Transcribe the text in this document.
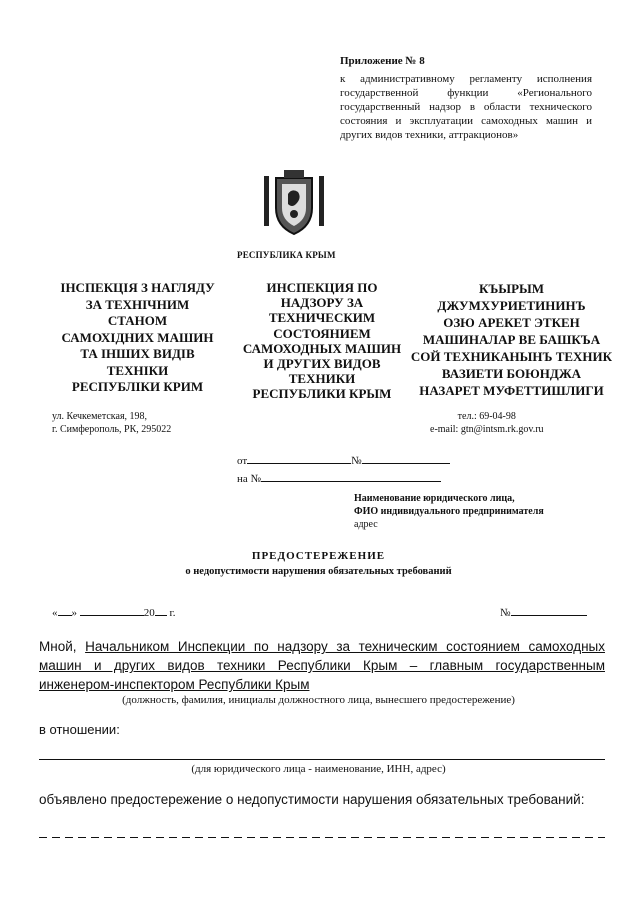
Приложение № 8
к административному регламенту исполнения государственной функции «Регионального государственный надзор в области технического состояния и эксплуатации самоходных машин и других видов техники, аттракционов»
РЕСПУБЛИКА КРЫМ
ІНСПЕКЦІЯ З НАГЛЯДУ
ЗА ТЕХНІЧНИМ
СТАНОМ
САМОХІДНИХ МАШИН
ТА ІНШИХ ВИДІВ
ТЕХНІКИ
РЕСПУБЛІКИ КРИМ
ИНСПЕКЦИЯ ПО
НАДЗОРУ ЗА
ТЕХНИЧЕСКИМ
СОСТОЯНИЕМ
САМОХОДНЫХ МАШИН
И ДРУГИХ ВИДОВ
ТЕХНИКИ
РЕСПУБЛИКИ КРЫМ
КЪЫРЫМ
ДЖУМХУРИЕТИНИНЪ
ОЗЮ АРЕКЕТ ЭТКЕН
МАШИНАЛАР ВЕ БАШКЪА
СОЙ ТЕХНИКАНЫНЪ ТЕХНИК
ВАЗИЕТИ БОЮНДЖА
НАЗАРЕТ МУФЕТТИШЛИГИ
ул. Кечкеметская, 198,
г. Симферополь, РК, 295022
тел.: 69-04-98
e-mail: gtn@intsm.rk.gov.ru
от	№
на №
Наименование юридического лица,
ФИО индивидуального предпринимателя
адрес
ПРЕДОСТЕРЕЖЕНИЕ
о недопустимости нарушения обязательных требований
« »	20 г.	№
Мной, Начальником Инспекции по надзору за техническим состоянием самоходных машин и других видов техники Республики Крым – главным государственным инженером-инспектором Республики Крым
(должность, фамилия, инициалы должностного лица, вынесшего предостережение)
в отношении:
(для юридического лица - наименование, ИНН, адрес)
объявлено предостережение о недопустимости нарушения обязательных требований:
